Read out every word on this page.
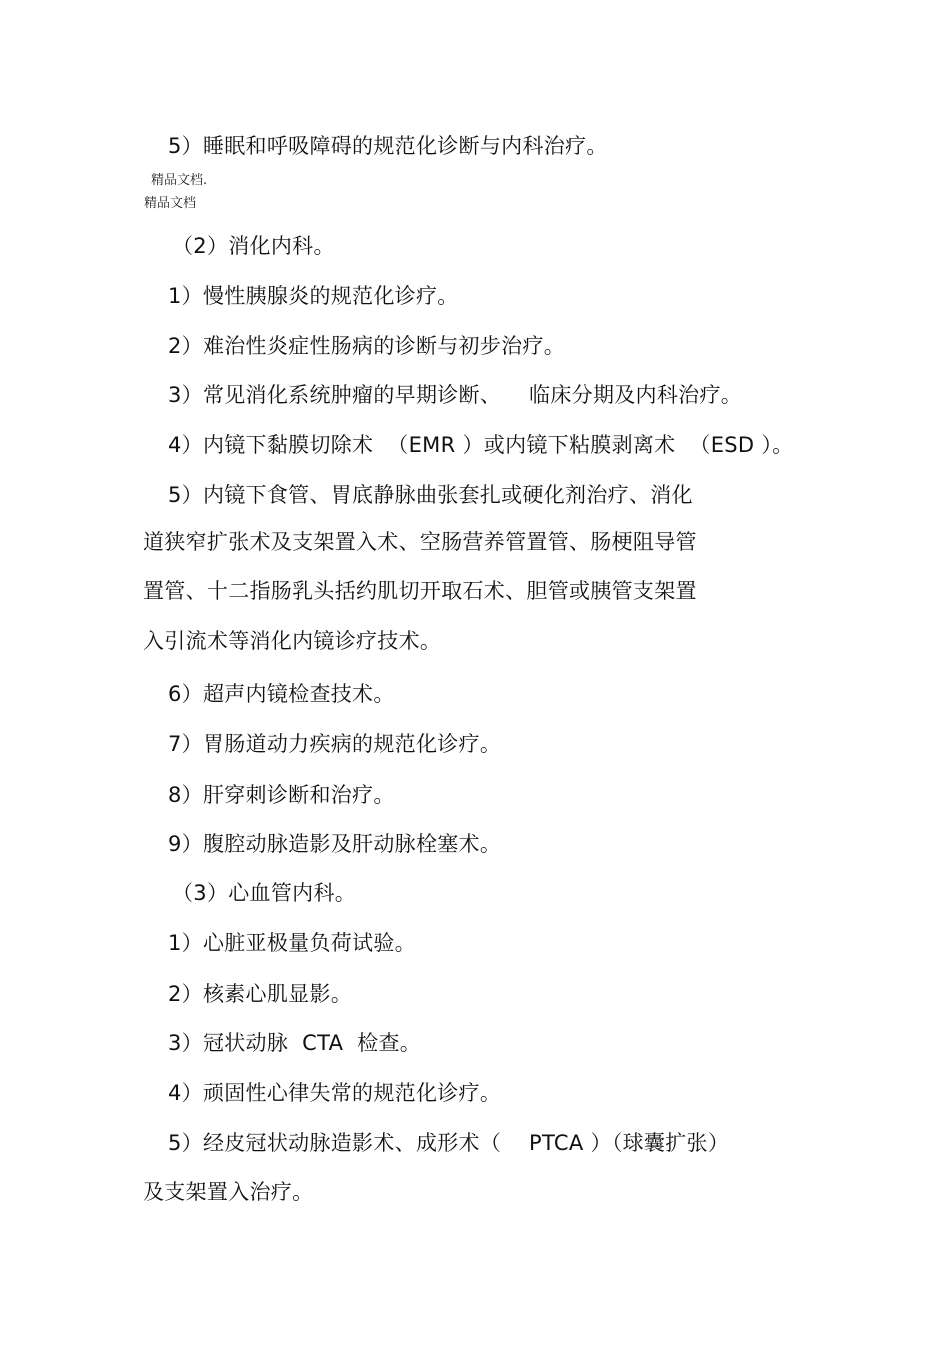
5）睡眠和呼吸障碍的规范化诊断与内科治疗。
精品文档.
精品文档
（2）消化内科。
1）慢性胰腺炎的规范化诊疗。
2）难治性炎症性肠病的诊断与初步治疗。
3）常见消化系统肿瘤的早期诊断、    临床分期及内科治疗。
4）内镜下黏膜切除术  （EMR ）或内镜下粘膜剥离术  （ESD ）。
5）内镜下食管、胃底静脉曲张套扎或硬化剂治疗、消化
道狭窄扩张术及支架置入术、空肠营养管置管、肠梗阻导管
置管、十二指肠乳头括约肌切开取石术、胆管或胰管支架置
入引流术等消化内镜诊疗技术。
6）超声内镜检查技术。
7）胃肠道动力疾病的规范化诊疗。
8）肝穿刺诊断和治疗。
9）腹腔动脉造影及肝动脉栓塞术。
（3）心血管内科。
1）心脏亚极量负荷试验。
2）核素心肌显影。
3）冠状动脉  CTA  检查。
4）顽固性心律失常的规范化诊疗。
5）经皮冠状动脉造影术、成形术（    PTCA ）（球囊扩张）
及支架置入治疗。
